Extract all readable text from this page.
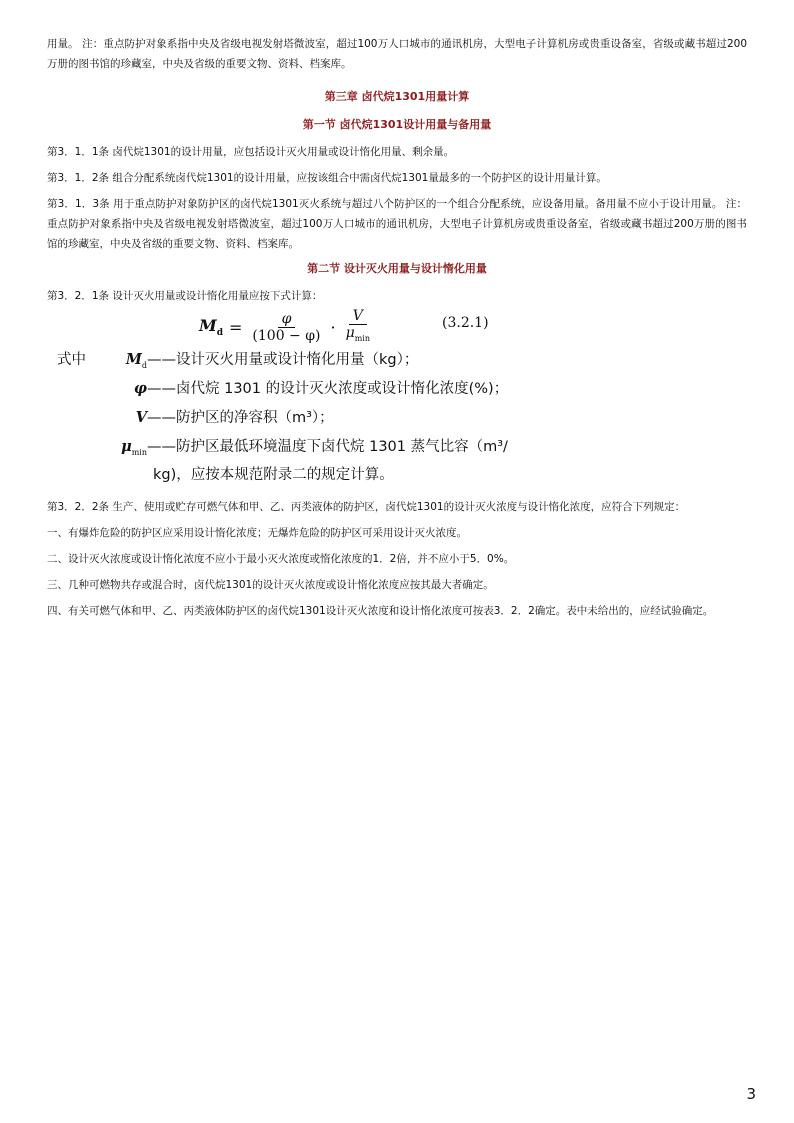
用量。 注：重点防护对象系指中央及省级电视发射塔微波室，超过100万人口城市的通讯机房，大型电子计算机房或贵重设备室，省级或藏书超过200万册的图书馆的珍藏室，中央及省级的重要文物、资料、档案库。

第三章 卤代烷1301用量计算

第一节 卤代烷1301设计用量与备用量

第3．1．1条 卤代烷1301的设计用量，应包括设计灭火用量或设计惰化用量、剩余量。

第3．1．2条 组合分配系统卤代烷1301的设计用量，应按该组合中需卤代烷1301量最多的一个防护区的设计用量计算。

第3．1．3条 用于重点防护对象防护区的卤代烷1301灭火系统与超过八个防护区的一个组合分配系统，应设备用量。备用量不应小于设计用量。 注：重点防护对象系指中央及省级电视发射塔微波室，超过100万人口城市的通讯机房，大型电子计算机房或贵重设备室，省级或藏书超过200万册的图书馆的珍藏室，中央及省级的重要文物、资料、档案库。

第二节 设计灭火用量与设计惰化用量

第3．2．1条 设计灭火用量或设计惰化用量应按下式计算：

$M_d = \frac{\varphi}{(100 - \varphi)} \cdot \frac{V}{\mu_{min}}$	(3.2.1)
式中	$M_d$ ——设计灭火用量或设计惰化用量（kg）；
φ ——卤代烷 1301 的设计灭火浓度或设计惰化浓度(%)；
V ——防护区的净容积（m³）；
$\mu_{min}$ ——防护区最低环境温度下卤代烷 1301 蒸气比容（m³/
kg)，应按本规范附录二的规定计算。

第3．2．2条 生产、使用或贮存可燃气体和甲、乙、丙类液体的防护区，卤代烷1301的设计灭火浓度与设计惰化浓度，应符合下列规定：

一、有爆炸危险的防护区应采用设计惰化浓度；无爆炸危险的防护区可采用设计灭火浓度。

二、设计灭火浓度或设计惰化浓度不应小于最小灭火浓度或惰化浓度的1．2倍，并不应小于5．0%。

三、几种可燃物共存或混合时，卤代烷1301的设计灭火浓度或设计惰化浓度应按其最大者确定。

四、有关可燃气体和甲、乙、丙类液体防护区的卤代烷1301设计灭火浓度和设计惰化浓度可按表3．2．2确定。表中未给出的，应经试验确定。

3
